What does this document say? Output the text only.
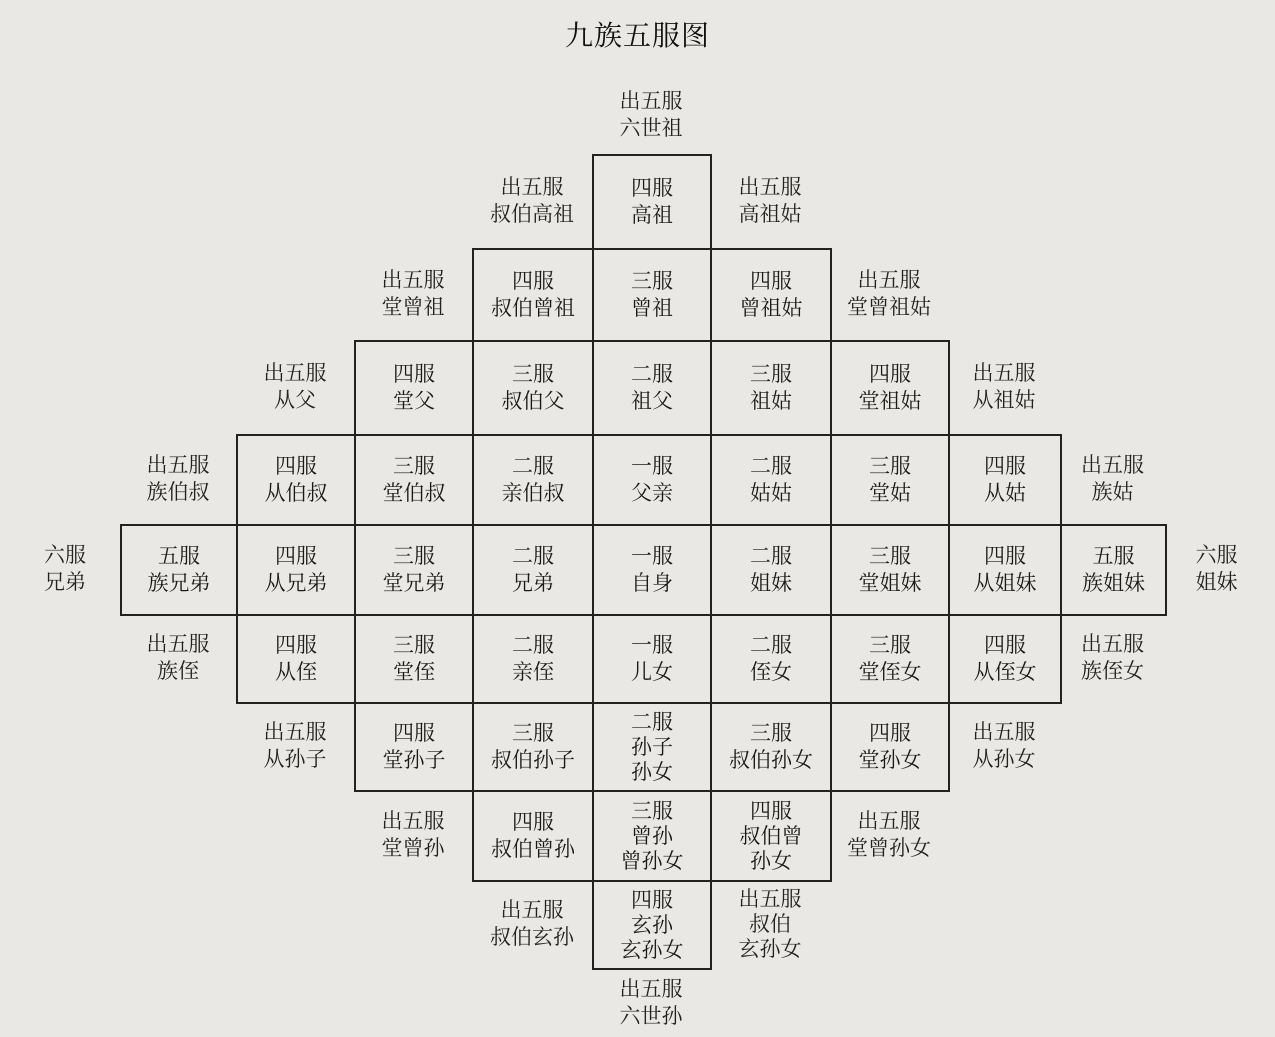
九族五服图
出五服
六世祖
出五服
叔伯高祖
四服
高祖
出五服
高祖姑
出五服
堂曾祖
四服
叔伯曾祖
三服
曾祖
四服
曾祖姑
出五服
堂曾祖姑
出五服
从父
四服
堂父
三服
叔伯父
二服
祖父
三服
祖姑
四服
堂祖姑
出五服
从祖姑
出五服
族伯叔
四服
从伯叔
三服
堂伯叔
二服
亲伯叔
一服
父亲
二服
姑姑
三服
堂姑
四服
从姑
出五服
族姑
六服
兄弟
五服
族兄弟
四服
从兄弟
三服
堂兄弟
二服
兄弟
一服
自身
二服
姐妹
三服
堂姐妹
四服
从姐妹
五服
族姐妹
六服
姐妹
出五服
族侄
四服
从侄
三服
堂侄
二服
亲侄
一服
儿女
二服
侄女
三服
堂侄女
四服
从侄女
出五服
族侄女
出五服
从孙子
四服
堂孙子
三服
叔伯孙子
二服
孙子
孙女
三服
叔伯孙女
四服
堂孙女
出五服
从孙女
出五服
堂曾孙
四服
叔伯曾孙
三服
曾孙
曾孙女
四服
叔伯曾
孙女
出五服
堂曾孙女
出五服
叔伯玄孙
四服
玄孙
玄孙女
出五服
叔伯
玄孙女
出五服
六世孙
